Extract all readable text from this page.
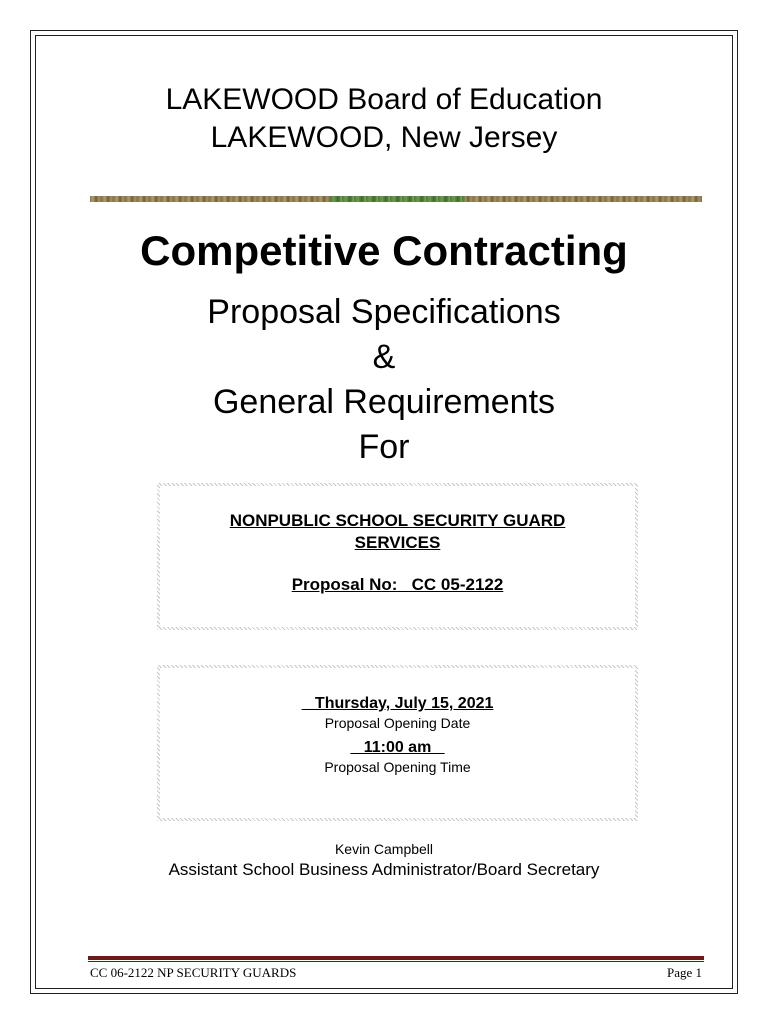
LAKEWOOD Board of Education
LAKEWOOD, New Jersey
Competitive Contracting
Proposal Specifications
&
General Requirements
For
NONPUBLIC SCHOOL SECURITY GUARD
SERVICES
Proposal No:   CC 05-2122
Thursday, July 15, 2021
Proposal Opening Date
11:00 am
Proposal Opening Time
Kevin Campbell
Assistant School Business Administrator/Board Secretary
CC 06-2122 NP SECURITY GUARDS	Page 1
